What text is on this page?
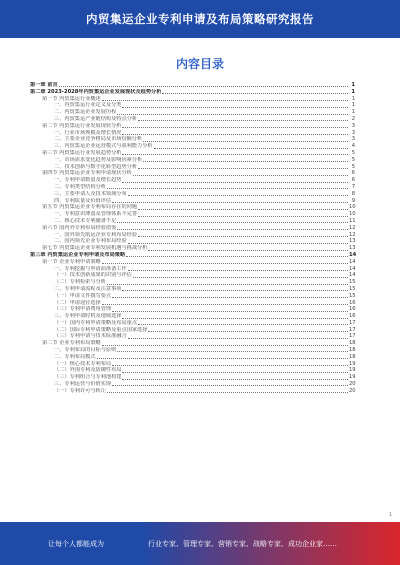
内贸集运企业专利申请及布局策略研究报告
内容目录
第一章 前言	1
第二章 2023-2028年内贸集运企业发展现状及趋势分析	1
第一节 内贸集运行业概述	1
一、内贸集运行业定义及分类	1
二、内贸集运企业发展历程	1
三、内贸集运产业链结构及特点分析	2
第二节 内贸集运行业发展现状分析	3
一、行业市场规模及增长情况	3
二、主要企业竞争格局及市场份额分析	3
三、内贸集运企业运营模式与盈利能力分析	4
第三节 内贸集运行业发展趋势分析	5
一、市场需求变化趋势及影响因素分析	5
二、技术创新与数字化转型趋势分析	5
第四节 内贸集运企业专利申请现状分析	6
一、专利申请数量及增长趋势	6
二、专利类型结构分析	7
三、主要申请人及技术领域分布	8
四、专利质量及价值评估	9
第五节 内贸集运企业专利布局存在的问题	10
一、专利意识薄弱及管理体系不完善	10
二、核心技术专利储备不足	11
第六节 国内外专利布局经验借鉴	12
一、国外领先航运企业专利布局经验	12
二、国内领先企业专利布局经验	13
第七节 内贸集运企业专利发展机遇与挑战分析	13
第三章 内贸集运企业专利申请及布局策略	14
第一节 企业专利申请策略	14
一、专利挖掘与申请前准备工作	14
（一）技术创新成果的识别与评估	14
（二）专利检索与分析	15
二、专利申请流程及注意事项	15
（一）申请文件撰写要点	15
（二）申请途径选择	16
（三）专利申请费用管理	16
三、专利申请时机及地域选择	16
（一）国内专利申请策略及布局重点	17
（二）国际专利申请策略及重点国家选择	17
（三）专利申请与技术标准融合	17
第二节 企业专利布局策略	18
一、专利布局的目标与原则	18
二、专利布局模式	18
（一）核心技术专利布局	19
（二）外围专利及防御性布局	19
（三）专利组合与专利池构建	19
三、专利运营与价值实现	20
（一）专利许可与转让	20
1
让每个人都能成为	行业专家、管理专家、营销专家、战略专家、成功企业家……
